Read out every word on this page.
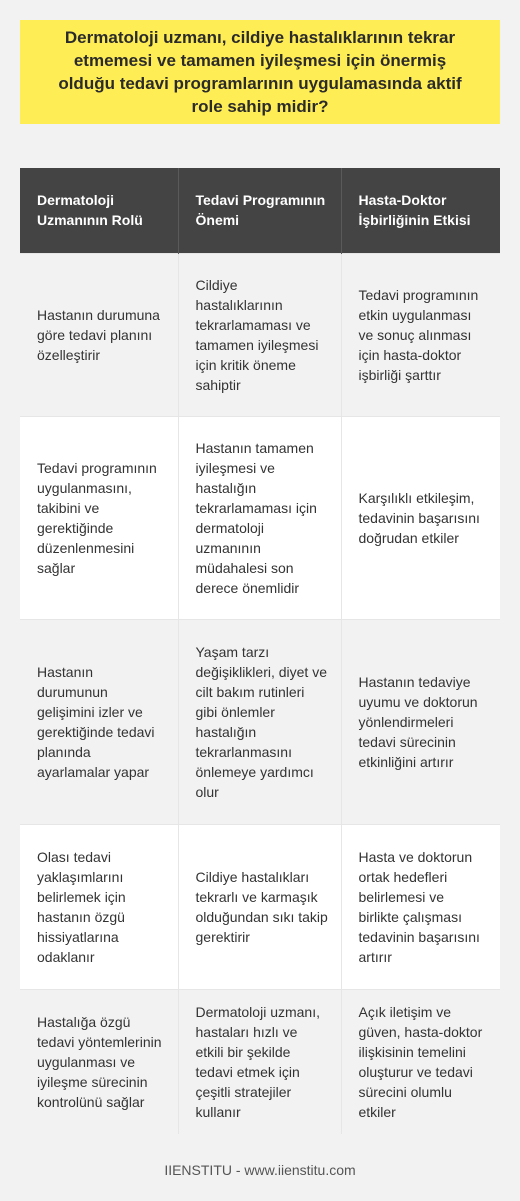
Dermatoloji uzmanı, cildiye hastalıklarının tekrar etmemesi ve tamamen iyileşmesi için önermiş olduğu tedavi programlarının uygulamasında aktif role sahip midir?
Dermatoloji Uzmanının Rolü	Tedavi Programının Önemi	Hasta-Doktor İşbirliğinin Etkisi
Hastanın durumuna göre tedavi planını özelleştirir	Cildiye hastalıklarının tekrarlamaması ve tamamen iyileşmesi için kritik öneme sahiptir	Tedavi programının etkin uygulanması ve sonuç alınması için hasta-doktor işbirliği şarttır
Tedavi programının uygulanmasını, takibini ve gerektiğinde düzenlenmesini sağlar	Hastanın tamamen iyileşmesi ve hastalığın tekrarlamaması için dermatoloji uzmanının müdahalesi son derece önemlidir	Karşılıklı etkileşim, tedavinin başarısını doğrudan etkiler
Hastanın durumunun gelişimini izler ve gerektiğinde tedavi planında ayarlamalar yapar	Yaşam tarzı değişiklikleri, diyet ve cilt bakım rutinleri gibi önlemler hastalığın tekrarlanmasını önlemeye yardımcı olur	Hastanın tedaviye uyumu ve doktorun yönlendirmeleri tedavi sürecinin etkinliğini artırır
Olası tedavi yaklaşımlarını belirlemek için hastanın özgü hissiyatlarına odaklanır	Cildiye hastalıkları tekrarlı ve karmaşık olduğundan sıkı takip gerektirir	Hasta ve doktorun ortak hedefleri belirlemesi ve birlikte çalışması tedavinin başarısını artırır
Hastalığa özgü tedavi yöntemlerinin uygulanması ve iyileşme sürecinin kontrolünü sağlar	Dermatoloji uzmanı, hastaları hızlı ve etkili bir şekilde tedavi etmek için çeşitli stratejiler kullanır	Açık iletişim ve güven, hasta-doktor ilişkisinin temelini oluşturur ve tedavi sürecini olumlu etkiler
IIENSTITU - www.iienstitu.com
